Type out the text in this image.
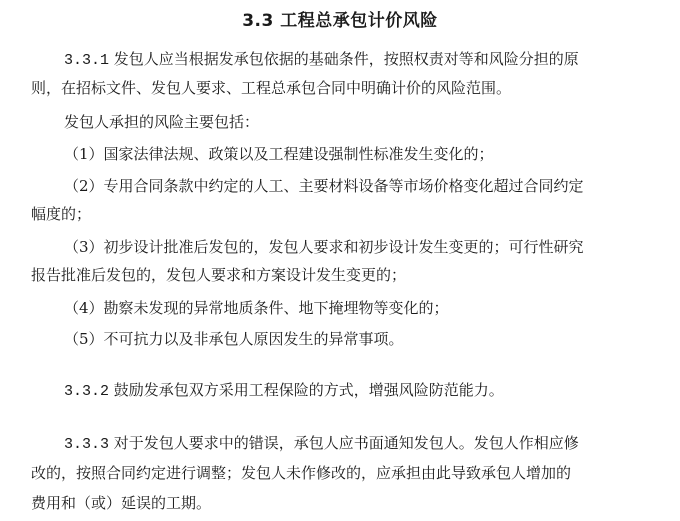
3.3 工程总承包计价风险
3.3.1 发包人应当根据发承包依据的基础条件，按照权责对等和风险分担的原
则，在招标文件、发包人要求、工程总承包合同中明确计价的风险范围。
发包人承担的风险主要包括：
（1）国家法律法规、政策以及工程建设强制性标准发生变化的；
（2）专用合同条款中约定的人工、主要材料设备等市场价格变化超过合同约定
幅度的；
（3）初步设计批准后发包的，发包人要求和初步设计发生变更的；可行性研究
报告批准后发包的，发包人要求和方案设计发生变更的；
（4）勘察未发现的异常地质条件、地下掩埋物等变化的；
（5）不可抗力以及非承包人原因发生的异常事项。
3.3.2 鼓励发承包双方采用工程保险的方式，增强风险防范能力。
3.3.3 对于发包人要求中的错误，承包人应书面通知发包人。发包人作相应修
改的，按照合同约定进行调整；发包人未作修改的，应承担由此导致承包人增加的
费用和（或）延误的工期。
